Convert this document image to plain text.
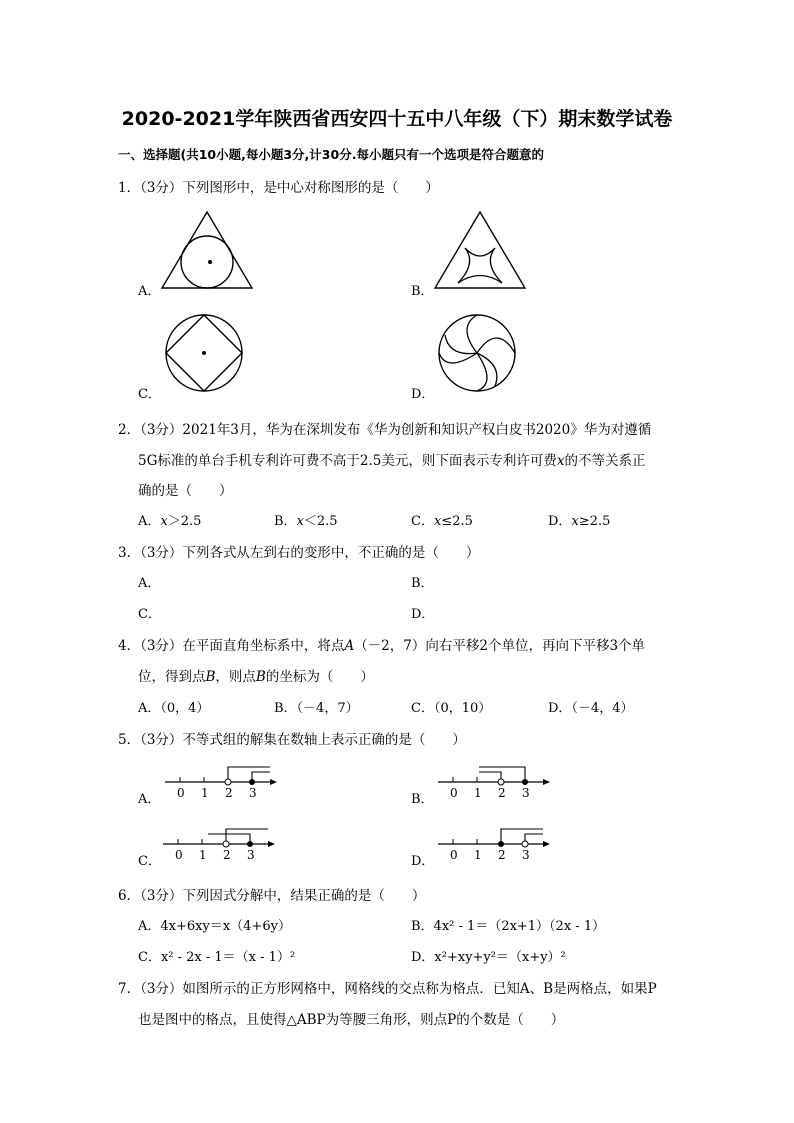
2020-2021学年陕西省西安四十五中八年级（下）期末数学试卷
一、选择题(共10小题,每小题3分,计30分.每小题只有一个选项是符合题意的
1．（3分）下列图形中，是中心对称图形的是（　　）
A．	B．
C．	D．
2．（3分）2021年3月，华为在深圳发布《华为创新和知识产权白皮书2020》华为对遵循
5G标准的单台手机专利许可费不高于2.5美元，则下面表示专利许可费x的不等关系正
确的是（　　）
A．x＞2.5	B．x＜2.5	C．x≤2.5	D．x≥2.5
3．（3分）下列各式从左到右的变形中，不正确的是（　　）
A．	B．
C．	D．
4．（3分）在平面直角坐标系中，将点A（－2，7）向右平移2个单位，再向下平移3个单
位，得到点B，则点B的坐标为（　　）
A．（0，4）	B．（－4，7）	C．（0，10）	D．（－4，4）
5．（3分）不等式组的解集在数轴上表示正确的是（　　）
A． 0 1 2 3	B． 0 1 2 3
C． 0 1 2 3	D． 0 1 2 3
6．（3分）下列因式分解中，结果正确的是（　　）
A．4x+6xy＝x（4+6y）	B．4x² - 1＝（2x+1）（2x - 1）
C．x² - 2x - 1＝（x - 1）²	D．x²+xy+y²＝（x+y）²
7．（3分）如图所示的正方形网格中，网格线的交点称为格点．已知A、B是两格点，如果P
也是图中的格点，且使得△ABP为等腰三角形，则点P的个数是（　　）
